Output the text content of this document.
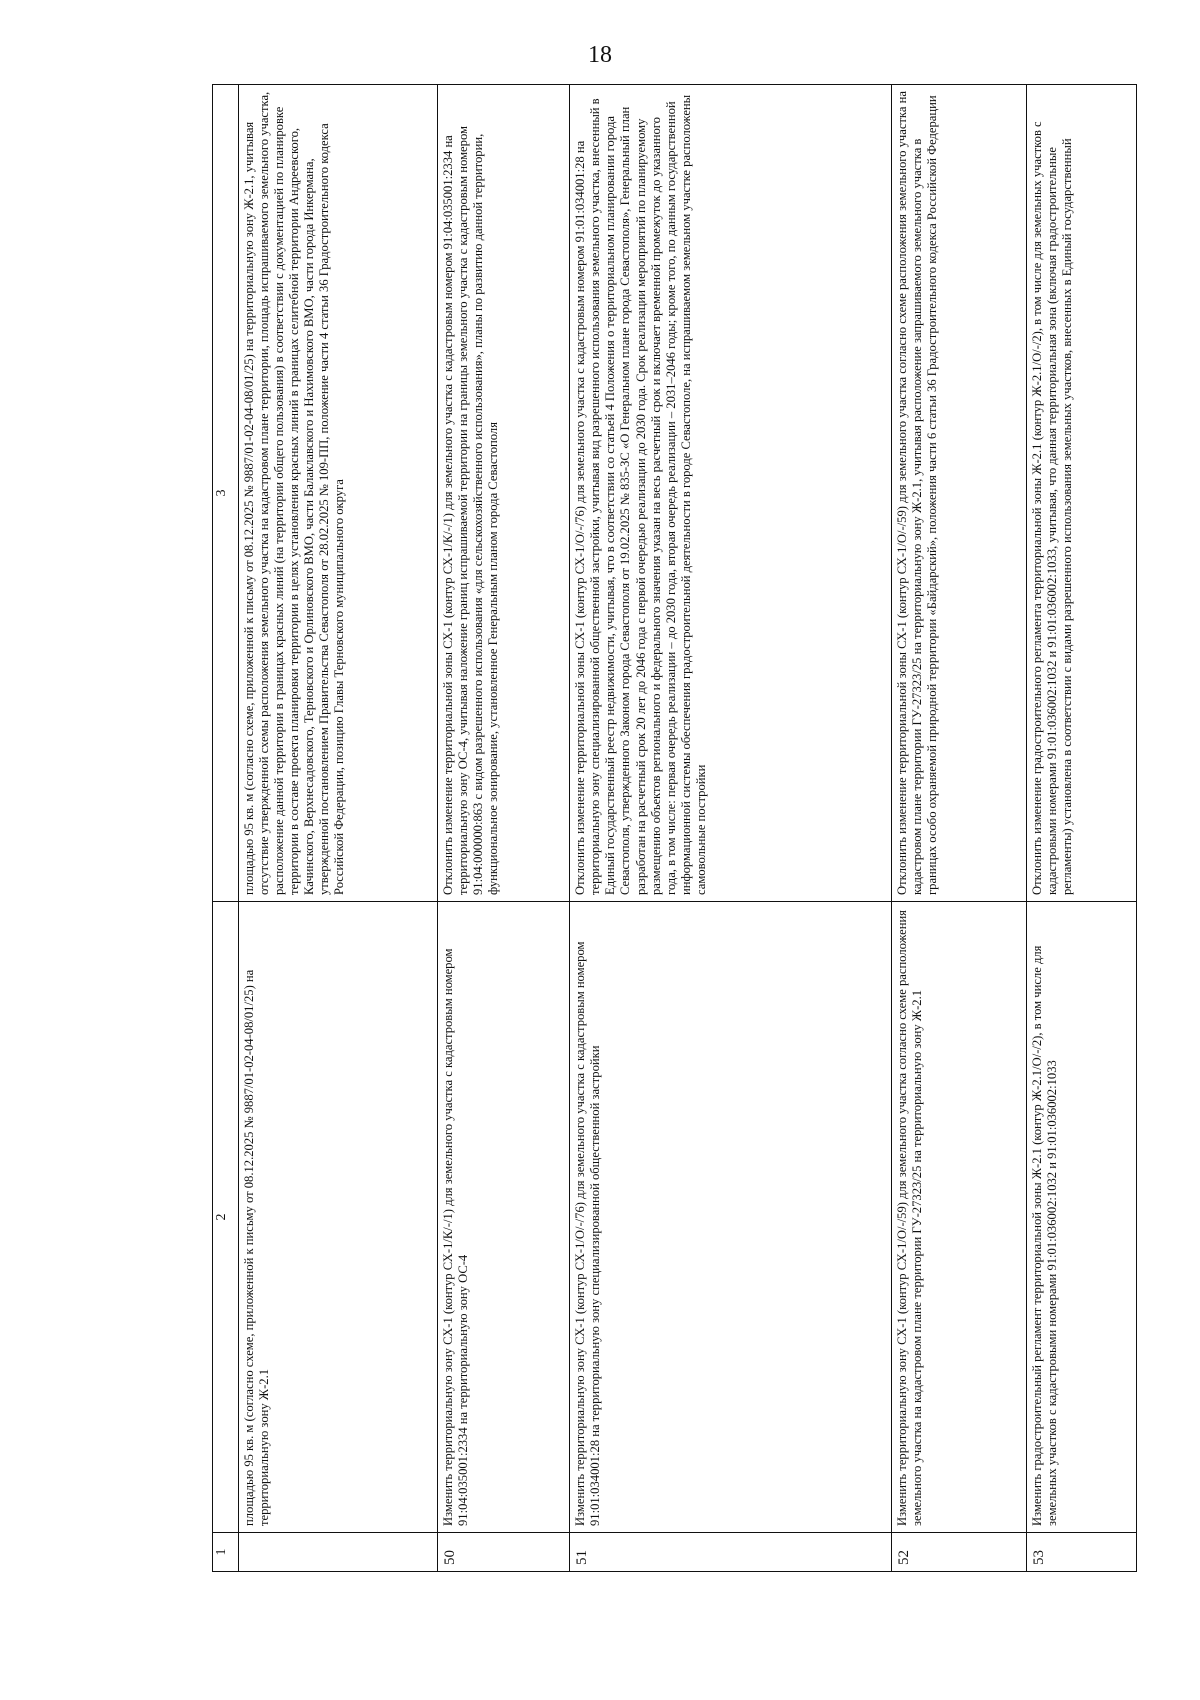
18
1	2	3
	площадью 95 кв. м (согласно схеме, приложенной к письму от 08.12.2025 № 9887/01-02-04-08/01/25) на территориальную зону Ж-2.1	площадью 95 кв. м (согласно схеме, приложенной к письму от 08.12.2025 № 9887/01-02-04-08/01/25) на территориальную зону Ж-2.1, учитывая отсутствие утвержденной схемы расположения земельного участка на кадастровом плане территории, площадь испрашиваемого земельного участка, расположение данной территории в границах красных линий (на территории общего пользования) в соответствии с документацией по планировке территории в составе проекта планировки территории в целях установления красных линий в границах селитебной территории Андреевского, Качинского, Верхнесадовского, Терновского и Орлиновского ВМО, части Балаклавского и Нахимовского ВМО, части города Инкермана, утвержденной постановлением Правительства Севастополя от 28.02.2025 № 109-ПП, положение части 4 статьи 36 Градостроительного кодекса Российской Федерации, позицию Главы Терновского муниципального округа
50	Изменить территориальную зону СХ-1 (контур СХ-1/К/-/1) для земельного участка с кадастровым номером 91:04:035001:2334 на территориальную зону ОС-4	Отклонить изменение территориальной зоны СХ-1 (контур СХ-1/К/-/1) для земельного участка с кадастровым номером 91:04:035001:2334 на территориальную зону ОС-4, учитывая наложение границ испрашиваемой территории на границы земельного участка с кадастровым номером 91:04:000000:863 с видом разрешенного использования «для сельскохозяйственного использования», планы по развитию данной территории, функциональное зонирование, установленное Генеральным планом города Севастополя
51	Изменить территориальную зону СХ-1 (контур СХ-1/О/-/76) для земельного участка с кадастровым номером 91:01:034001:28 на территориальную зону специализированной общественной застройки	Отклонить изменение территориальной зоны СХ-1 (контур СХ-1/О/-/76) для земельного участка с кадастровым номером 91:01:034001:28 на территориальную зону специализированной общественной застройки, учитывая вид разрешенного использования земельного участка, внесенный в Единый государственный реестр недвижимости, учитывая, что в соответствии со статьей 4 Положения о территориальном планировании города Севастополя, утвержденного Законом города Севастополя от 19.02.2025 № 835-ЗС «О Генеральном плане города Севастополя», Генеральный план разработан на расчетный срок 20 лет до 2046 года с первой очередью реализации до 2030 года. Срок реализации мероприятий по планируемому размещению объектов регионального и федерального значения указан на весь расчетный срок и включает временной промежуток до указанного года, в том числе: первая очередь реализации – до 2030 года, вторая очередь реализации – 2031–2046 годы; кроме того, по данным государственной информационной системы обеспечения градостроительной деятельности в городе Севастополе, на испрашиваемом земельном участке расположены самовольные постройки
52	Изменить территориальную зону СХ-1 (контур СХ-1/О/-/59) для земельного участка согласно схеме расположения земельного участка на кадастровом плане территории ГУ-27323/25 на территориальную зону Ж-2.1	Отклонить изменение территориальной зоны СХ-1 (контур СХ-1/О/-/59) для земельного участка согласно схеме расположения земельного участка на кадастровом плане территории ГУ-27323/25 на территориальную зону Ж-2.1, учитывая расположение запрашиваемого земельного участка в границах особо охраняемой природной территории «Байдарский», положения части 6 статьи 36 Градостроительного кодекса Российской Федерации
53	Изменить градостроительный регламент территориальной зоны Ж-2.1 (контур Ж-2.1/О/-/2), в том числе для земельных участков с кадастровыми номерами 91:01:036002:1032 и 91:01:036002:1033	Отклонить изменение градостроительного регламента территориальной зоны Ж-2.1 (контур Ж-2.1/О/-/2), в том числе для земельных участков с кадастровыми номерами 91:01:036002:1032 и 91:01:036002:1033, учитывая, что данная территориальная зона (включая градостроительные регламенты) установлена в соответствии с видами разрешенного использования земельных участков, внесенных в Единый государственный
